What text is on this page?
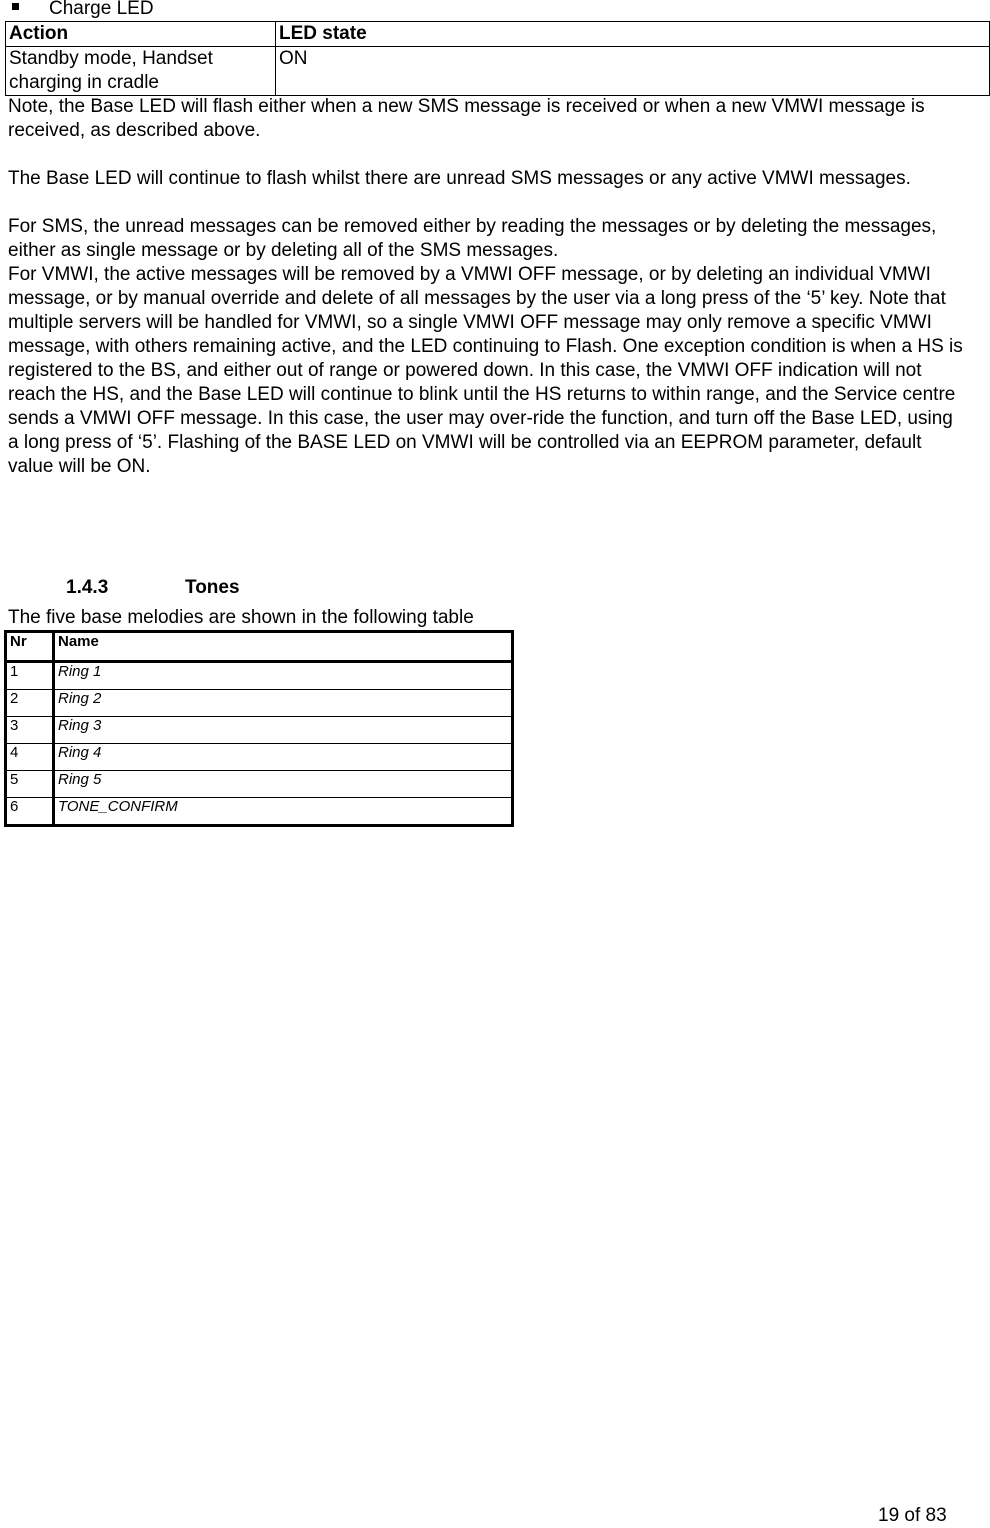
Charge LED
Action	LED state
Standby mode, Handset charging in cradle	ON

Note, the Base LED will flash either when a new SMS message is received or when a new VMWI message is received, as described above.

The Base LED will continue to flash whilst there are unread SMS messages or any active VMWI messages.

For SMS, the unread messages can be removed either by reading the messages or by deleting the messages, either as single message or by deleting all of the SMS messages.

For VMWI, the active messages will be removed by a VMWI OFF message, or by deleting an individual VMWI message, or by manual override and delete of all messages by the user via a long press of the ‘5’ key. Note that multiple servers will be handled for VMWI, so a single VMWI OFF message may only remove a specific VMWI message, with others remaining active, and the LED continuing to Flash. One exception condition is when a HS is registered to the BS, and either out of range or powered down. In this case, the VMWI OFF indication will not reach the HS, and the Base LED will continue to blink until the HS returns to within range, and the Service centre sends a VMWI OFF message. In this case, the user may over-ride the function, and turn off the Base LED, using a long press of ‘5’. Flashing of the BASE LED on VMWI will be controlled via an EEPROM parameter, default value will be ON.

1.4.3	Tones
The five base melodies are shown in the following table
Nr	Name
1	Ring 1
2	Ring 2
3	Ring 3
4	Ring 4
5	Ring 5
6	TONE_CONFIRM
19 of 83
